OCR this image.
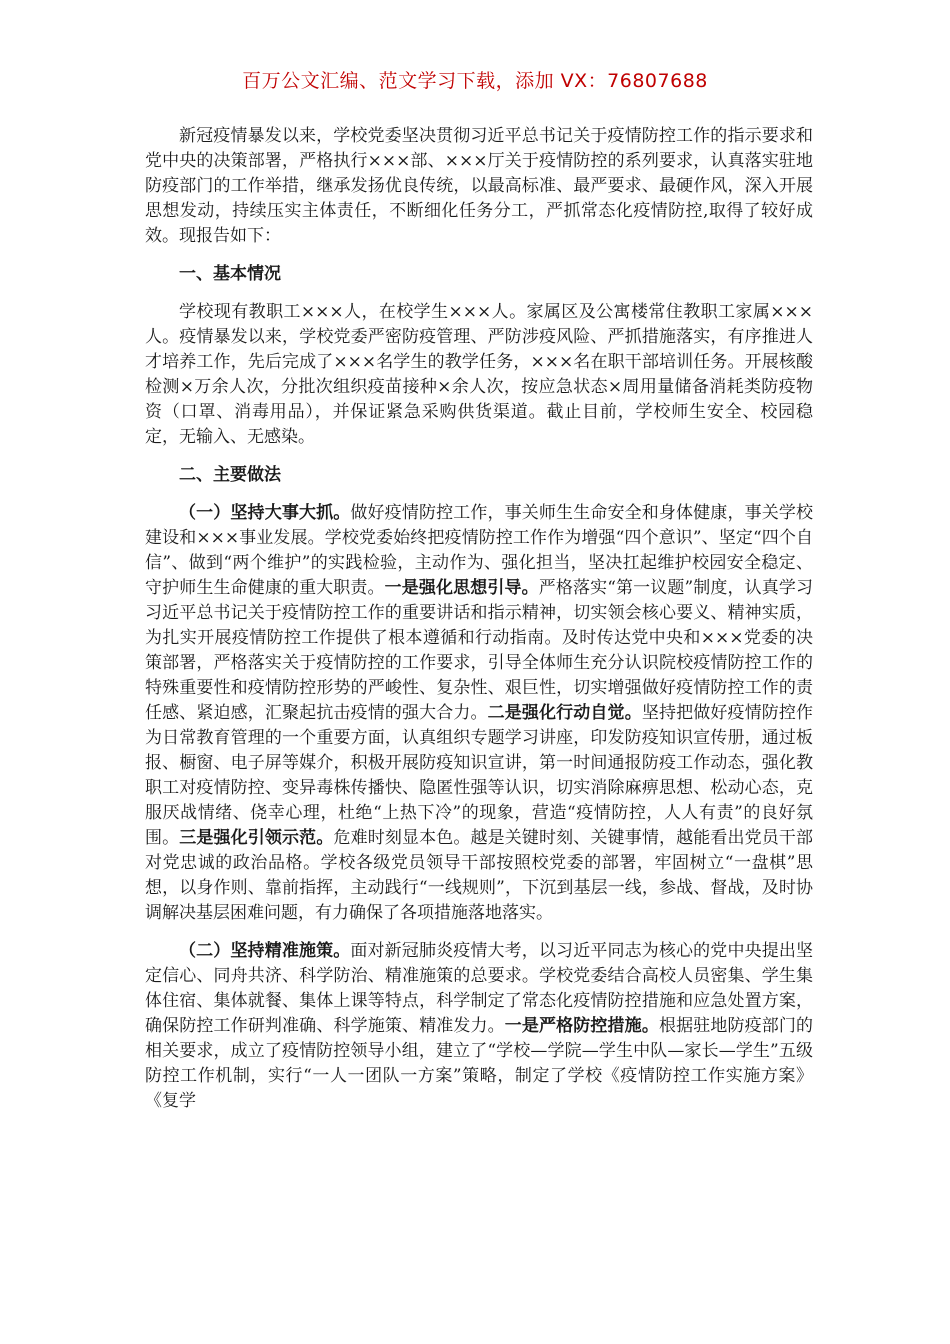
百万公文汇编、范文学习下载，添加 VX：76807688

新冠疫情暴发以来，学校党委坚决贯彻习近平总书记关于疫情防控工作的指示要求和党中央的决策部署，严格执行×××部、×××厅关于疫情防控的系列要求，认真落实驻地防疫部门的工作举措，继承发扬优良传统，以最高标准、最严要求、最硬作风，深入开展思想发动，持续压实主体责任，不断细化任务分工，严抓常态化疫情防控,取得了较好成效。现报告如下：

一、基本情况

学校现有教职工×××人，在校学生×××人。家属区及公寓楼常住教职工家属×××人。疫情暴发以来，学校党委严密防疫管理、严防涉疫风险、严抓措施落实，有序推进人才培养工作，先后完成了×××名学生的教学任务，×××名在职干部培训任务。开展核酸检测×万余人次，分批次组织疫苗接种×余人次，按应急状态×周用量储备消耗类防疫物资（口罩、消毒用品），并保证紧急采购供货渠道。截止目前，学校师生安全、校园稳定，无输入、无感染。

二、主要做法

（一）坚持大事大抓。做好疫情防控工作，事关师生生命安全和身体健康，事关学校建设和×××事业发展。学校党委始终把疫情防控工作作为增强“四个意识”、坚定“四个自信”、做到“两个维护”的实践检验，主动作为、强化担当，坚决扛起维护校园安全稳定、守护师生生命健康的重大职责。一是强化思想引导。严格落实“第一议题”制度，认真学习习近平总书记关于疫情防控工作的重要讲话和指示精神，切实领会核心要义、精神实质，为扎实开展疫情防控工作提供了根本遵循和行动指南。及时传达党中央和×××党委的决策部署，严格落实关于疫情防控的工作要求，引导全体师生充分认识院校疫情防控工作的特殊重要性和疫情防控形势的严峻性、复杂性、艰巨性，切实增强做好疫情防控工作的责任感、紧迫感，汇聚起抗击疫情的强大合力。二是强化行动自觉。坚持把做好疫情防控作为日常教育管理的一个重要方面，认真组织专题学习讲座，印发防疫知识宣传册，通过板报、橱窗、电子屏等媒介，积极开展防疫知识宣讲，第一时间通报防疫工作动态，强化教职工对疫情防控、变异毒株传播快、隐匿性强等认识，切实消除麻痹思想、松动心态，克服厌战情绪、侥幸心理，杜绝“上热下冷”的现象，营造“疫情防控，人人有责”的良好氛围。三是强化引领示范。危难时刻显本色。越是关键时刻、关键事情，越能看出党员干部对党忠诚的政治品格。学校各级党员领导干部按照校党委的部署，牢固树立“一盘棋”思想，以身作则、靠前指挥，主动践行“一线规则”，下沉到基层一线，参战、督战，及时协调解决基层困难问题，有力确保了各项措施落地落实。

（二）坚持精准施策。面对新冠肺炎疫情大考，以习近平同志为核心的党中央提出坚定信心、同舟共济、科学防治、精准施策的总要求。学校党委结合高校人员密集、学生集体住宿、集体就餐、集体上课等特点，科学制定了常态化疫情防控措施和应急处置方案，确保防控工作研判准确、科学施策、精准发力。一是严格防控措施。根据驻地防疫部门的相关要求，成立了疫情防控领导小组，建立了“学校—学院—学生中队—家长—学生”五级防控工作机制，实行“一人一团队一方案”策略，制定了学校《疫情防控工作实施方案》《复学
